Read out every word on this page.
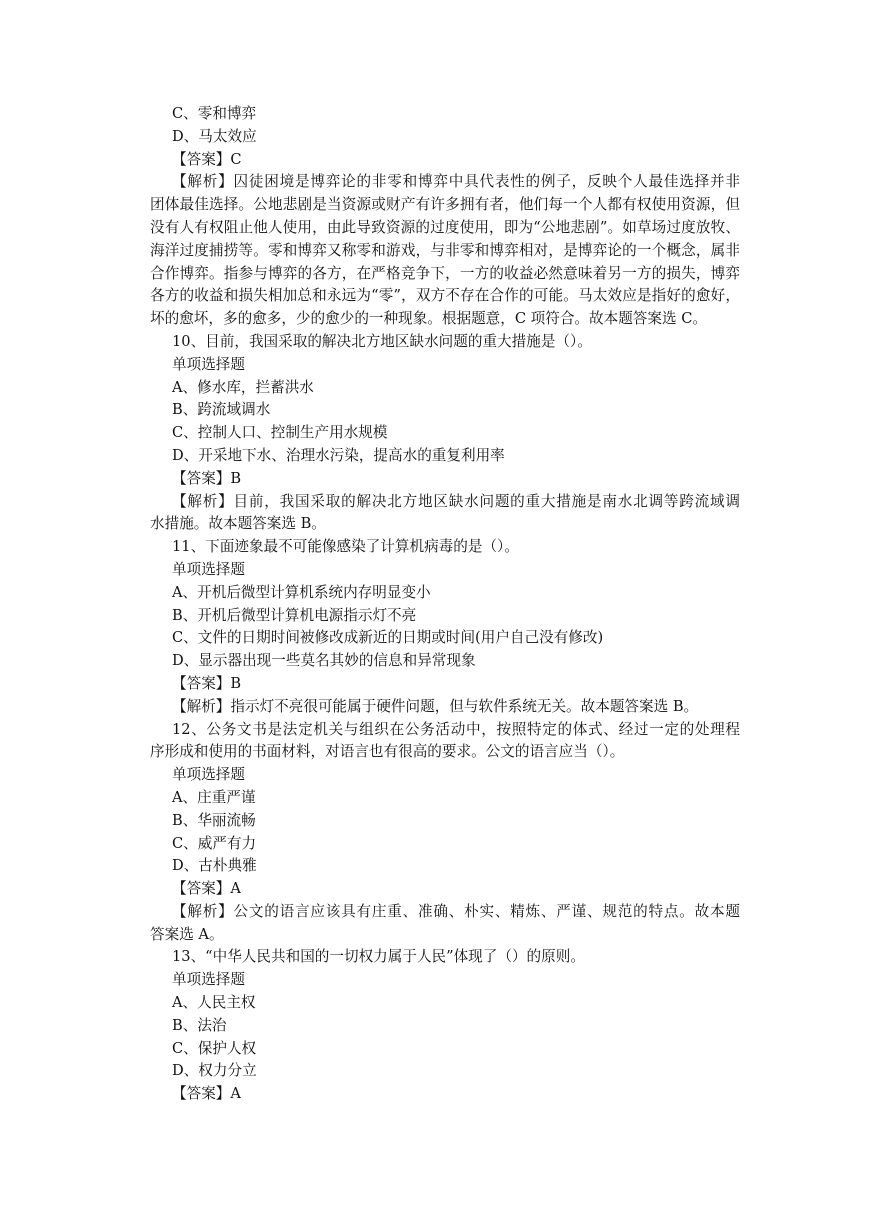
C、零和博弈
D、马太效应
【答案】C
【解析】囚徒困境是博弈论的非零和博弈中具代表性的例子，反映个人最佳选择并非
团体最佳选择。公地悲剧是当资源或财产有许多拥有者，他们每一个人都有权使用资源，但
没有人有权阻止他人使用，由此导致资源的过度使用，即为“公地悲剧”。如草场过度放牧、
海洋过度捕捞等。零和博弈又称零和游戏，与非零和博弈相对，是博弈论的一个概念，属非
合作博弈。指参与博弈的各方，在严格竞争下，一方的收益必然意味着另一方的损失，博弈
各方的收益和损失相加总和永远为“零”，双方不存在合作的可能。马太效应是指好的愈好，
坏的愈坏，多的愈多，少的愈少的一种现象。根据题意，C 项符合。故本题答案选 C。
10、目前，我国采取的解决北方地区缺水问题的重大措施是（）。
单项选择题
A、修水库，拦蓄洪水
B、跨流域调水
C、控制人口、控制生产用水规模
D、开采地下水、治理水污染，提高水的重复利用率
【答案】B
【解析】目前，我国采取的解决北方地区缺水问题的重大措施是南水北调等跨流域调
水措施。故本题答案选 B。
11、下面迹象最不可能像感染了计算机病毒的是（）。
单项选择题
A、开机后微型计算机系统内存明显变小
B、开机后微型计算机电源指示灯不亮
C、文件的日期时间被修改成新近的日期或时间(用户自己没有修改)
D、显示器出现一些莫名其妙的信息和异常现象
【答案】B
【解析】指示灯不亮很可能属于硬件问题，但与软件系统无关。故本题答案选 B。
12、公务文书是法定机关与组织在公务活动中，按照特定的体式、经过一定的处理程
序形成和使用的书面材料，对语言也有很高的要求。公文的语言应当（）。
单项选择题
A、庄重严谨
B、华丽流畅
C、威严有力
D、古朴典雅
【答案】A
【解析】公文的语言应该具有庄重、准确、朴实、精炼、严谨、规范的特点。故本题
答案选 A。
13、“中华人民共和国的一切权力属于人民”体现了（）的原则。
单项选择题
A、人民主权
B、法治
C、保护人权
D、权力分立
【答案】A
